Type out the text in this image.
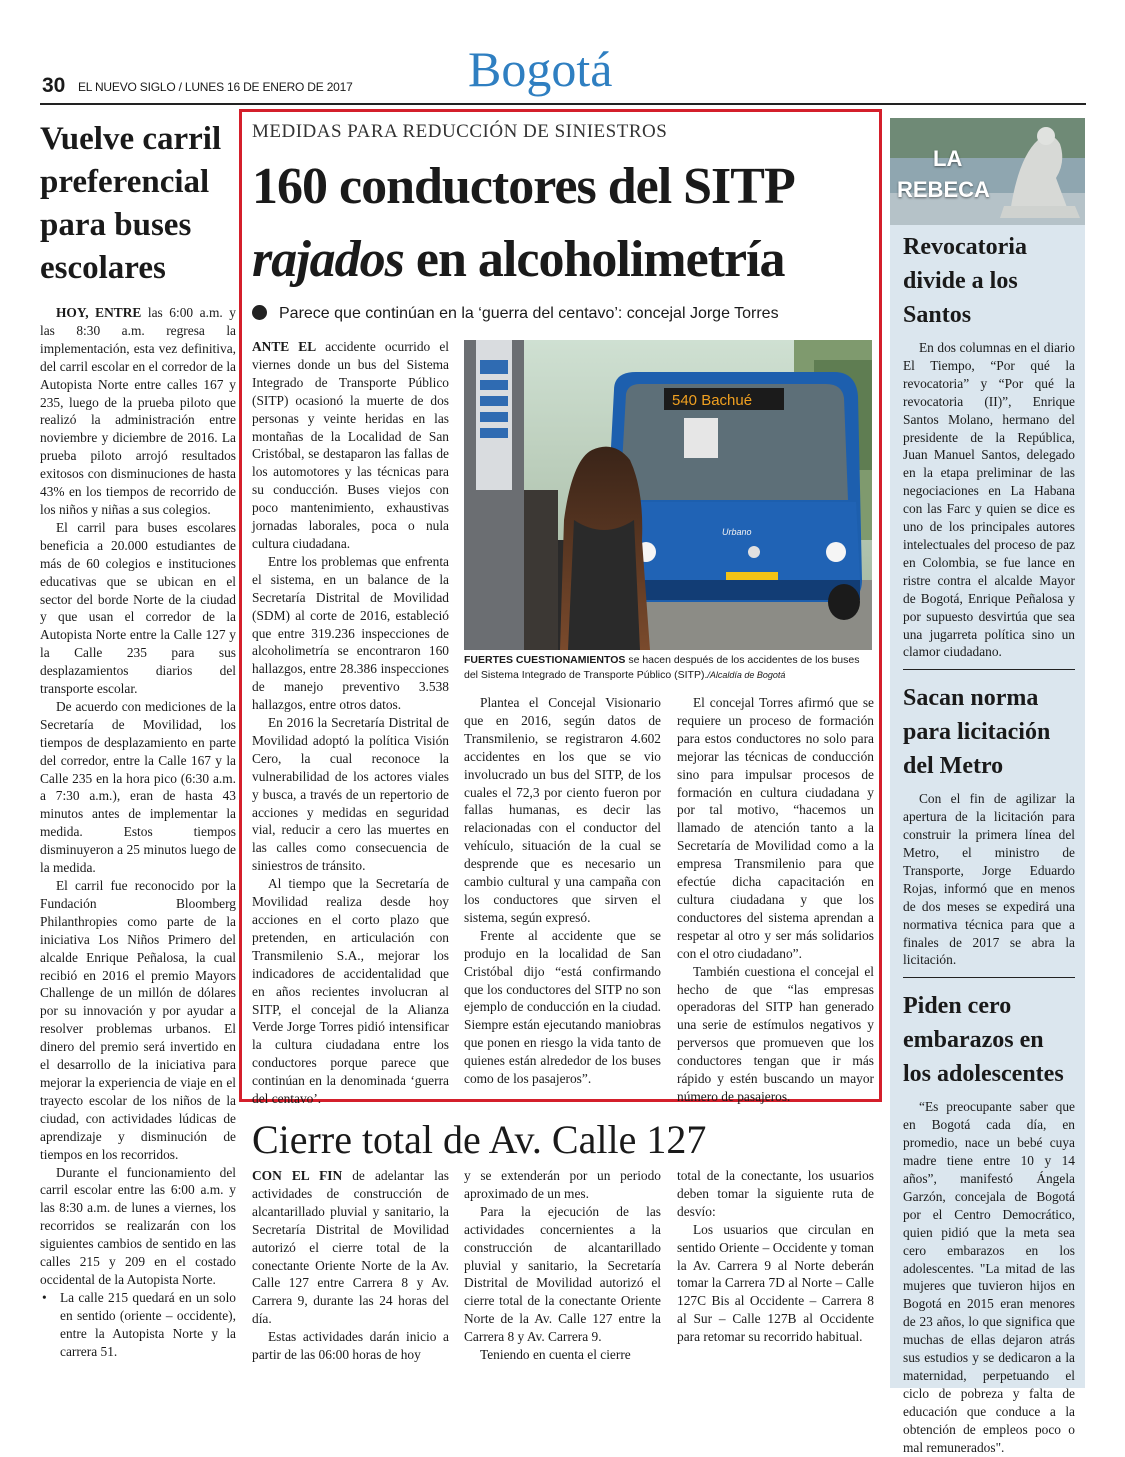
30 EL NUEVO SIGLO / LUNES 16 DE ENERO DE 2017 Bogotá
Vuelve carril preferencial para buses escolares

HOY, ENTRE las 6:00 a.m. y las 8:30 a.m. regresa la implementación, esta vez definitiva, del carril escolar en el corredor de la Autopista Norte entre calles 167 y 235, luego de la prueba piloto que realizó la administración entre noviembre y diciembre de 2016. La prueba piloto arrojó resultados exitosos con disminuciones de hasta 43% en los tiempos de recorrido de los niños y niñas a sus colegios.

El carril para buses escolares beneficia a 20.000 estudiantes de más de 60 colegios e instituciones educativas que se ubican en el sector del borde Norte de la ciudad y que usan el corredor de la Autopista Norte entre la Calle 127 y la Calle 235 para sus desplazamientos diarios del transporte escolar.

De acuerdo con mediciones de la Secretaría de Movilidad, los tiempos de desplazamiento en parte del corredor, entre la Calle 167 y la Calle 235 en la hora pico (6:30 a.m. a 7:30 a.m.), eran de hasta 43 minutos antes de implementar la medida. Estos tiempos disminuyeron a 25 minutos luego de la medida.

El carril fue reconocido por la Fundación Bloomberg Philanthropies como parte de la iniciativa Los Niños Primero del alcalde Enrique Peñalosa, la cual recibió en 2016 el premio Mayors Challenge de un millón de dólares por su innovación y por ayudar a resolver problemas urbanos. El dinero del premio será invertido en el desarrollo de la iniciativa para mejorar la experiencia de viaje en el trayecto escolar de los niños de la ciudad, con actividades lúdicas de aprendizaje y disminución de tiempos en los recorridos.

Durante el funcionamiento del carril escolar entre las 6:00 a.m. y las 8:30 a.m. de lunes a viernes, los recorridos se realizarán con los siguientes cambios de sentido en las calles 215 y 209 en el costado occidental de la Autopista Norte.

• La calle 215 quedará en un solo en sentido (oriente – occidente), entre la Autopista Norte y la carrera 51.

MEDIDAS PARA REDUCCIÓN DE SINIESTROS
160 conductores del SITP
rajados en alcoholimetría
Parece que continúan en la ‘guerra del centavo’: concejal Jorge Torres

ANTE EL accidente ocurrido el viernes donde un bus del Sistema Integrado de Transporte Público (SITP) ocasionó la muerte de dos personas y veinte heridas en las montañas de la Localidad de San Cristóbal, se destaparon las fallas de los automotores y las técnicas para su conducción. Buses viejos con poco mantenimiento, exhaustivas jornadas laborales, poca o nula cultura ciudadana.

Entre los problemas que enfrenta el sistema, en un balance de la Secretaría Distrital de Movilidad (SDM) al corte de 2016, estableció que entre 319.236 inspecciones de alcoholimetría se encontraron 160 hallazgos, entre 28.386 inspecciones de manejo preventivo 3.538 hallazgos, entre otros datos.

En 2016 la Secretaría Distrital de Movilidad adoptó la política Visión Cero, la cual reconoce la vulnerabilidad de los actores viales y busca, a través de un repertorio de acciones y medidas en seguridad vial, reducir a cero las muertes en las calles como consecuencia de siniestros de tránsito.

Al tiempo que la Secretaría de Movilidad realiza desde hoy acciones en el corto plazo que pretenden, en articulación con Transmilenio S.A., mejorar los indicadores de accidentalidad que en años recientes involucran al SITP, el concejal de la Alianza Verde Jorge Torres pidió intensificar la cultura ciudadana entre los conductores porque parece que continúan en la denominada ‘guerra del centavo’.

540 Bachué
Urbano
FUERTES CUESTIONAMIENTOS se hacen después de los accidentes de los buses del Sistema Integrado de Transporte Público (SITP)./Alcaldía de Bogotá

Plantea el Concejal Visionario que en 2016, según datos de Transmilenio, se registraron 4.602 accidentes en los que se vio involucrado un bus del SITP, de los cuales el 72,3 por ciento fueron por fallas humanas, es decir las relacionadas con el conductor del vehículo, situación de la cual se desprende que es necesario un cambio cultural y una campaña con los conductores que sirven el sistema, según expresó.

Frente al accidente que se produjo en la localidad de San Cristóbal dijo “está confirmando que los conductores del SITP no son ejemplo de conducción en la ciudad. Siempre están ejecutando maniobras que ponen en riesgo la vida tanto de quienes están alrededor de los buses como de los pasajeros”.

El concejal Torres afirmó que se requiere un proceso de formación para estos conductores no solo para mejorar las técnicas de conducción sino para impulsar procesos de formación en cultura ciudadana y por tal motivo, “hacemos un llamado de atención tanto a la Secretaría de Movilidad como a la empresa Transmilenio para que efectúe dicha capacitación en cultura ciudadana y que los conductores del sistema aprendan a respetar al otro y ser más solidarios con el otro ciudadano”.

También cuestiona el concejal el hecho de que “las empresas operadoras del SITP han generado una serie de estímulos negativos y perversos que promueven que los conductores tengan que ir más rápido y estén buscando un mayor número de pasajeros.

Cierre total de Av. Calle 127

CON EL FIN de adelantar las actividades de construcción de alcantarillado pluvial y sanitario, la Secretaría Distrital de Movilidad autorizó el cierre total de la conectante Oriente Norte de la Av. Calle 127 entre Carrera 8 y Av. Carrera 9, durante las 24 horas del día.

Estas actividades darán inicio a partir de las 06:00 horas de hoy

y se extenderán por un periodo aproximado de un mes.

Para la ejecución de las actividades concernientes a la construcción de alcantarillado pluvial y sanitario, la Secretaría Distrital de Movilidad autorizó el cierre total de la conectante Oriente Norte de la Av. Calle 127 entre la Carrera 8 y Av. Carrera 9.

Teniendo en cuenta el cierre

total de la conectante, los usuarios deben tomar la siguiente ruta de desvío:

Los usuarios que circulan en sentido Oriente – Occidente y toman la Av. Carrera 9 al Norte deberán tomar la Carrera 7D al Norte – Calle 127C Bis al Occidente – Carrera 8 al Sur – Calle 127B al Occidente para retomar su recorrido habitual.

LA
REBECA
Revocatoria divide a los Santos

En dos columnas en el diario El Tiempo, “Por qué la revocatoria” y “Por qué la revocatoria (II)”, Enrique Santos Molano, hermano del presidente de la República, Juan Manuel Santos, delegado en la etapa preliminar de las negociaciones en La Habana con las Farc y quien se dice es uno de los principales autores intelectuales del proceso de paz en Colombia, se fue lance en ristre contra el alcalde Mayor de Bogotá, Enrique Peñalosa y por supuesto desvirtúa que sea una jugarreta política sino un clamor ciudadano.

Sacan norma para licitación del Metro

Con el fin de agilizar la apertura de la licitación para construir la primera línea del Metro, el ministro de Transporte, Jorge Eduardo Rojas, informó que en menos de dos meses se expedirá una normativa técnica para que a finales de 2017 se abra la licitación.

Piden cero embarazos en los adolescentes

“Es preocupante saber que en Bogotá cada día, en promedio, nace un bebé cuya madre tiene entre 10 y 14 años”, manifestó Ángela Garzón, concejala de Bogotá por el Centro Democrático, quien pidió que la meta sea cero embarazos en los adolescentes. "La mitad de las mujeres que tuvieron hijos en Bogotá en 2015 eran menores de 23 años, lo que significa que muchas de ellas dejaron atrás sus estudios y se dedicaron a la maternidad, perpetuando el ciclo de pobreza y falta de educación que conduce a la obtención de empleos poco o mal remunerados".
